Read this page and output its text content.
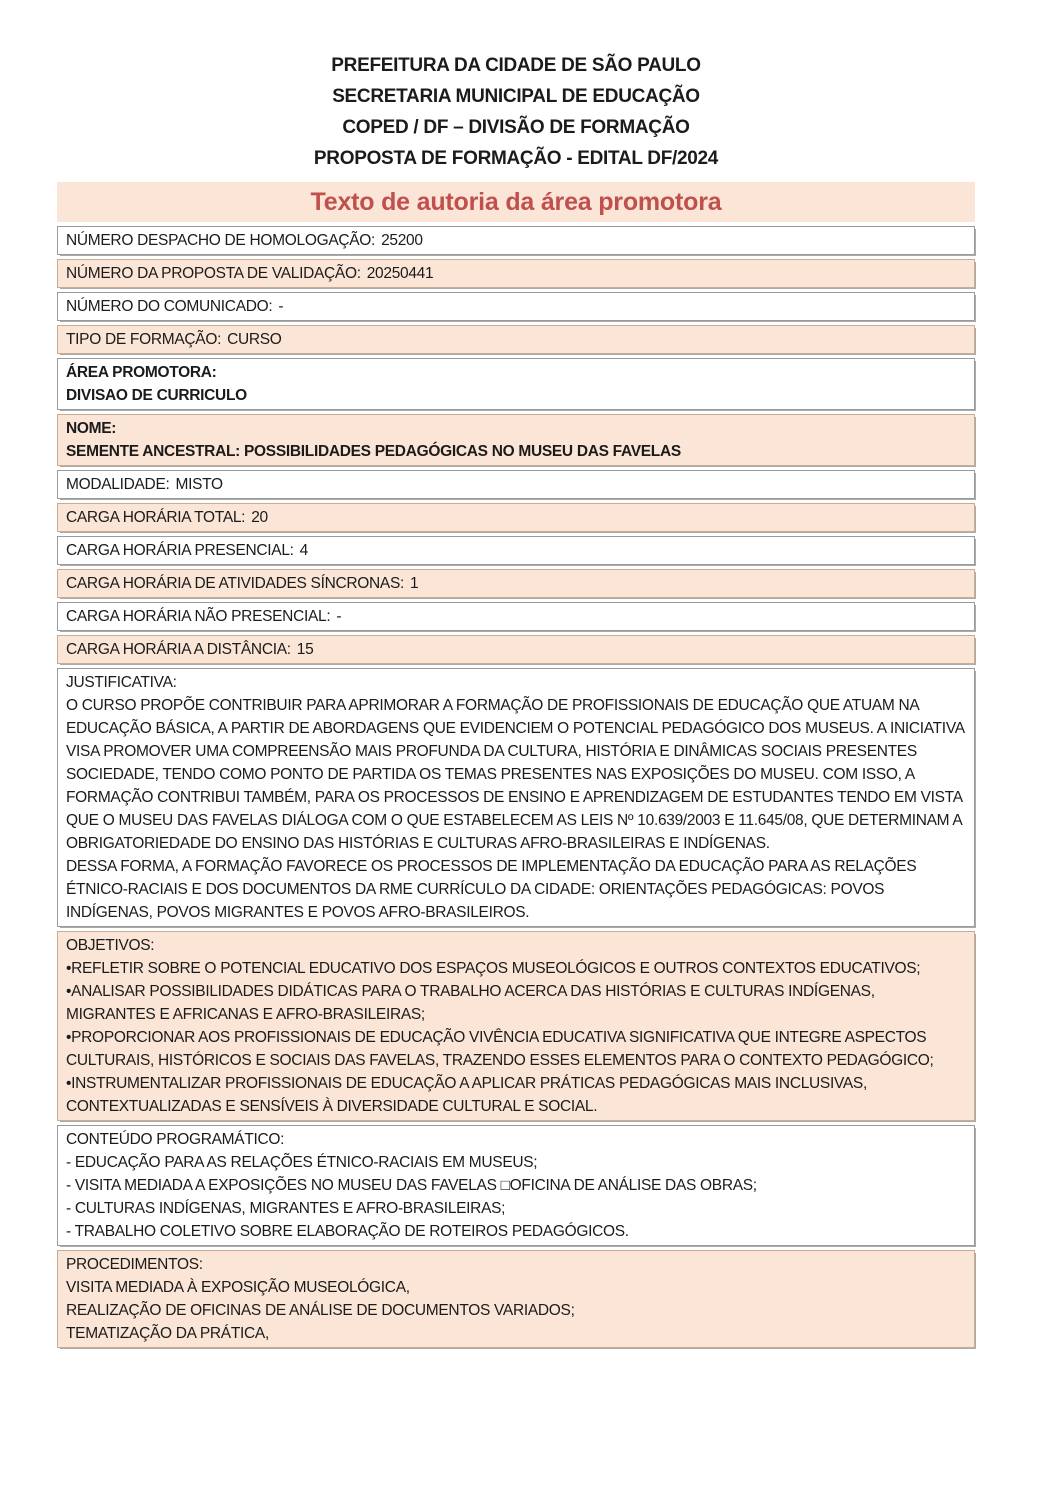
PREFEITURA DA CIDADE DE SÃO PAULO
SECRETARIA MUNICIPAL DE EDUCAÇÃO
COPED / DF – DIVISÃO DE FORMAÇÃO
PROPOSTA DE FORMAÇÃO - EDITAL DF/2024
Texto de autoria da área promotora
NÚMERO DESPACHO DE HOMOLOGAÇÃO: 25200
NÚMERO DA PROPOSTA DE VALIDAÇÃO: 20250441
NÚMERO DO COMUNICADO: -
TIPO DE FORMAÇÃO: CURSO
ÁREA PROMOTORA:
DIVISAO DE CURRICULO
NOME:
SEMENTE ANCESTRAL: POSSIBILIDADES PEDAGÓGICAS NO MUSEU DAS FAVELAS
MODALIDADE: MISTO
CARGA HORÁRIA TOTAL: 20
CARGA HORÁRIA PRESENCIAL: 4
CARGA HORÁRIA DE ATIVIDADES SÍNCRONAS: 1
CARGA HORÁRIA NÃO PRESENCIAL: -
CARGA HORÁRIA A DISTÂNCIA: 15
JUSTIFICATIVA:
O CURSO PROPÕE CONTRIBUIR PARA APRIMORAR A FORMAÇÃO DE PROFISSIONAIS DE EDUCAÇÃO QUE ATUAM NA EDUCAÇÃO BÁSICA, A PARTIR DE ABORDAGENS QUE EVIDENCIEM O POTENCIAL PEDAGÓGICO DOS MUSEUS. A INICIATIVA VISA PROMOVER UMA COMPREENSÃO MAIS PROFUNDA DA CULTURA, HISTÓRIA E DINÂMICAS SOCIAIS PRESENTES SOCIEDADE, TENDO COMO PONTO DE PARTIDA OS TEMAS PRESENTES NAS EXPOSIÇÕES DO MUSEU. COM ISSO, A FORMAÇÃO CONTRIBUI TAMBÉM, PARA OS PROCESSOS DE ENSINO E APRENDIZAGEM DE ESTUDANTES TENDO EM VISTA QUE O MUSEU DAS FAVELAS DIÁLOGA COM O QUE ESTABELECEM AS LEIS Nº 10.639/2003 E 11.645/08, QUE DETERMINAM A OBRIGATORIEDADE DO ENSINO DAS HISTÓRIAS E CULTURAS AFRO-BRASILEIRAS E INDÍGENAS.
DESSA FORMA, A FORMAÇÃO FAVORECE OS PROCESSOS DE IMPLEMENTAÇÃO DA EDUCAÇÃO PARA AS RELAÇÕES ÉTNICO-RACIAIS E DOS DOCUMENTOS DA RME CURRÍCULO DA CIDADE: ORIENTAÇÕES PEDAGÓGICAS: POVOS INDÍGENAS, POVOS MIGRANTES E POVOS AFRO-BRASILEIROS.
OBJETIVOS:
•REFLETIR SOBRE O POTENCIAL EDUCATIVO DOS ESPAÇOS MUSEOLÓGICOS E OUTROS CONTEXTOS EDUCATIVOS;
•ANALISAR POSSIBILIDADES DIDÁTICAS PARA O TRABALHO ACERCA DAS HISTÓRIAS E CULTURAS INDÍGENAS, MIGRANTES E AFRICANAS E AFRO-BRASILEIRAS;
•PROPORCIONAR AOS PROFISSIONAIS DE EDUCAÇÃO VIVÊNCIA EDUCATIVA SIGNIFICATIVA QUE INTEGRE ASPECTOS CULTURAIS, HISTÓRICOS E SOCIAIS DAS FAVELAS, TRAZENDO ESSES ELEMENTOS PARA O CONTEXTO PEDAGÓGICO;
•INSTRUMENTALIZAR PROFISSIONAIS DE EDUCAÇÃO A APLICAR PRÁTICAS PEDAGÓGICAS MAIS INCLUSIVAS, CONTEXTUALIZADAS E SENSÍVEIS À DIVERSIDADE CULTURAL E SOCIAL.
CONTEÚDO PROGRAMÁTICO:
- EDUCAÇÃO PARA AS RELAÇÕES ÉTNICO-RACIAIS EM MUSEUS;
- VISITA MEDIADA A EXPOSIÇÕES NO MUSEU DAS FAVELAS □OFICINA DE ANÁLISE DAS OBRAS;
- CULTURAS INDÍGENAS, MIGRANTES E AFRO-BRASILEIRAS;
- TRABALHO COLETIVO SOBRE ELABORAÇÃO DE ROTEIROS PEDAGÓGICOS.
PROCEDIMENTOS:
VISITA MEDIADA À EXPOSIÇÃO MUSEOLÓGICA,
REALIZAÇÃO DE OFICINAS DE ANÁLISE DE DOCUMENTOS VARIADOS;
TEMATIZAÇÃO DA PRÁTICA,
